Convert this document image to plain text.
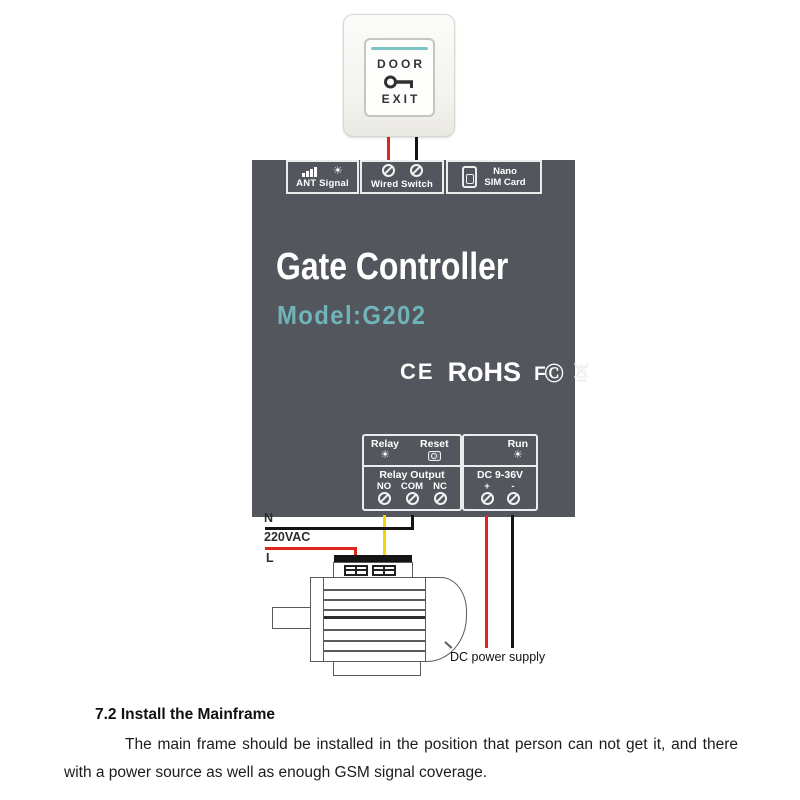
DOOR
EXIT
☀
ANT Signal Wired Switch
Nano
SIM Card
Gate Controller
Model:G202
CE RoHS FⒸ
Relay
☀
Reset
Relay Output
NO COM NC
Run
☀
DC 9-36V
+ -
N
220VAC
L
DC power supply
7.2 Install the Mainframe
The main frame should be installed in the position that person can not get it, and there with a power source as well as enough GSM signal coverage.
